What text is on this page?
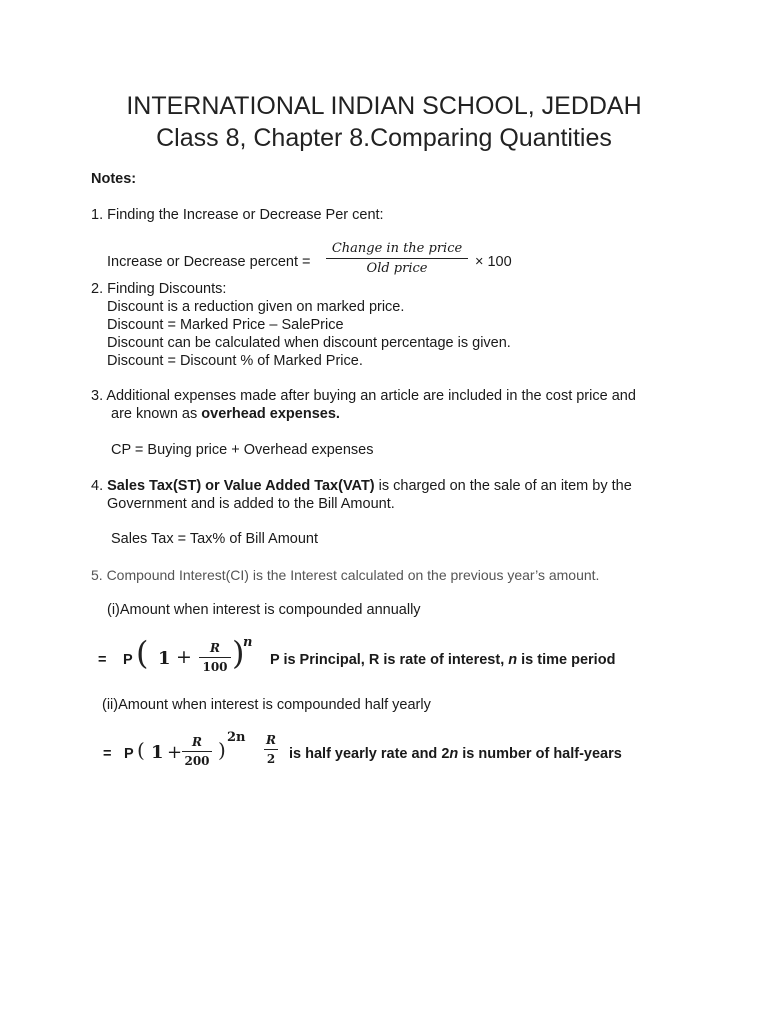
INTERNATIONAL INDIAN SCHOOL, JEDDAH
Class 8, Chapter 8.Comparing Quantities
Notes:
1. Finding the Increase or Decrease Per cent:
Increase or Decrease percent =
Change in the price
Old price	× 100
2. Finding Discounts:
Discount is a reduction given on marked price.
Discount = Marked Price – SalePrice
Discount can be calculated when discount percentage is given.
Discount = Discount % of Marked Price.
3. Additional expenses made after buying an article are included in the cost price and
are known as overhead expenses.
CP = Buying price + Overhead expenses
4. Sales Tax(ST) or Value Added Tax(VAT) is charged on the sale of an item by the
Government and is added to the Bill Amount.
Sales Tax = Tax% of Bill Amount
5. Compound Interest(CI) is the Interest calculated on the previous year’s amount.
(i)Amount when interest is compounded annually
= P ( 1 +	R
100 )
n
P is Principal, R is rate of interest, n is time period
(ii)Amount when interest is compounded half yearly
= P ( 1 + R
200 )
2n R
2 is half yearly rate and 2n is number of half-years
